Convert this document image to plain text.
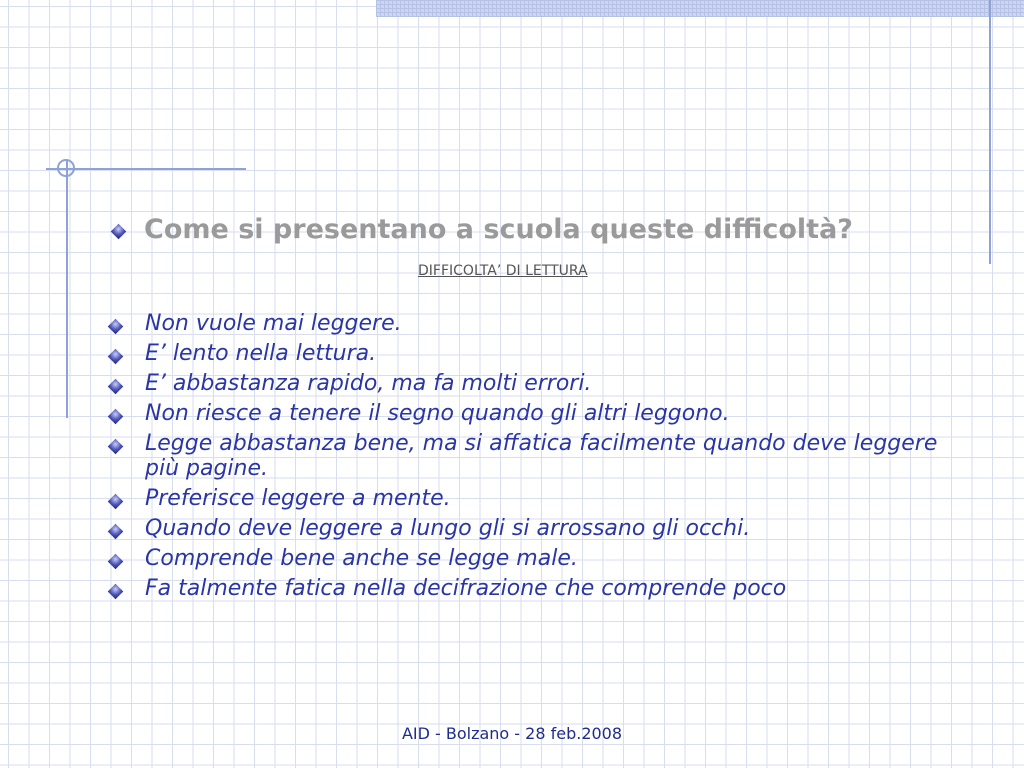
Come si presentano a scuola queste difficoltà?
DIFFICOLTA’ DI LETTURA
Non vuole mai leggere.
E’ lento nella lettura.
E’ abbastanza rapido, ma fa molti errori.
Non riesce a tenere il segno quando gli altri leggono.
Legge abbastanza bene, ma si affatica facilmente quando deve leggere più pagine.
Preferisce leggere a mente.
Quando deve leggere a lungo gli si arrossano gli occhi.
Comprende bene anche se legge male.
Fa talmente fatica nella decifrazione che comprende poco
AID - Bolzano - 28 feb.2008
